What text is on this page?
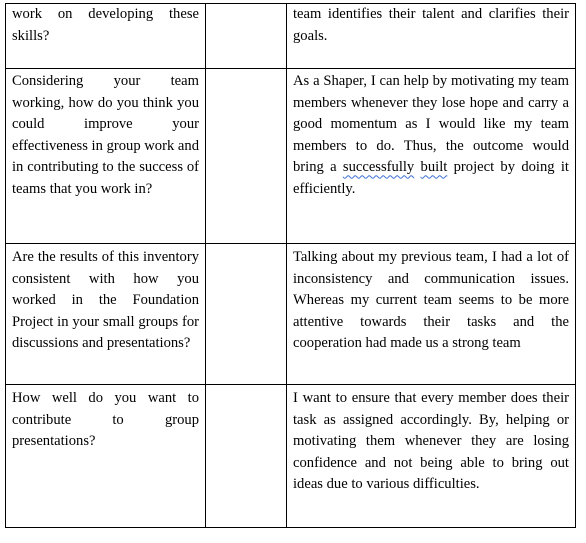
work on developing these skills?		team identifies their talent and clarifies their goals.

Considering your team working, how do you think you could improve your effectiveness in group work and in contributing to the success of teams that you work in?		As a Shaper, I can help by motivating my team members whenever they lose hope and carry a good momentum as I would like my team members to do. Thus, the outcome would bring a successfully built project by doing it efficiently.

Are the results of this inventory consistent with how you worked in the Foundation Project in your small groups for discussions and presentations?		Talking about my previous team, I had a lot of inconsistency and communication issues. Whereas my current team seems to be more attentive towards their tasks and the cooperation had made us a strong team

How well do you want to contribute to group presentations?		I want to ensure that every member does their task as assigned accordingly. By, helping or motivating them whenever they are losing confidence and not being able to bring out ideas due to various difficulties.
